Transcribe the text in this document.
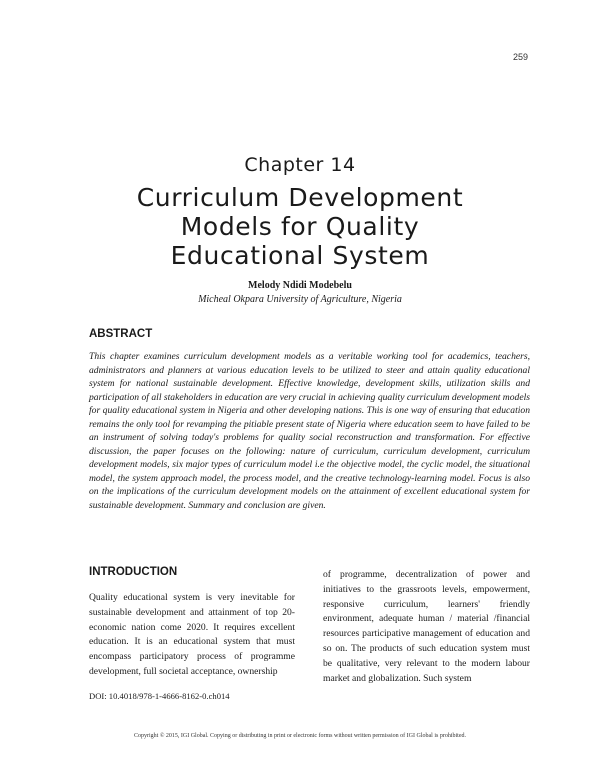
259
Chapter 14
Curriculum Development
Models for Quality
Educational System
Melody Ndidi Modebelu
Micheal Okpara University of Agriculture, Nigeria
ABSTRACT

This chapter examines curriculum development models as a veritable working tool for academics, teachers, administrators and planners at various education levels to be utilized to steer and attain quality educational system for national sustainable development. Effective knowledge, development skills, utilization skills and participation of all stakeholders in education are very crucial in achieving quality curriculum development models for quality educational system in Nigeria and other developing nations. This is one way of ensuring that education remains the only tool for revamping the pitiable present state of Nigeria where education seem to have failed to be an instrument of solving today's problems for quality social reconstruction and transformation. For effective discussion, the paper focuses on the following: nature of curriculum, curriculum development, curriculum development models, six major types of curriculum model i.e the objective model, the cyclic model, the situational model, the system approach model, the process model, and the creative technology-learning model. Focus is also on the implications of the curriculum development models on the attainment of excellent educational system for sustainable development. Summary and conclusion are given.

INTRODUCTION

Quality educational system is very inevitable for sustainable development and attainment of top 20-economic nation come 2020. It requires excellent education. It is an educational system that must encompass participatory process of programme development, full societal acceptance, ownership

of programme, decentralization of power and initiatives to the grassroots levels, empowerment, responsive curriculum, learners' friendly environment, adequate human / material /financial resources participative management of education and so on. The products of such education system must be qualitative, very relevant to the modern labour market and globalization. Such system

DOI: 10.4018/978-1-4666-8162-0.ch014
Copyright © 2015, IGI Global. Copying or distributing in print or electronic forms without written permission of IGI Global is prohibited.
